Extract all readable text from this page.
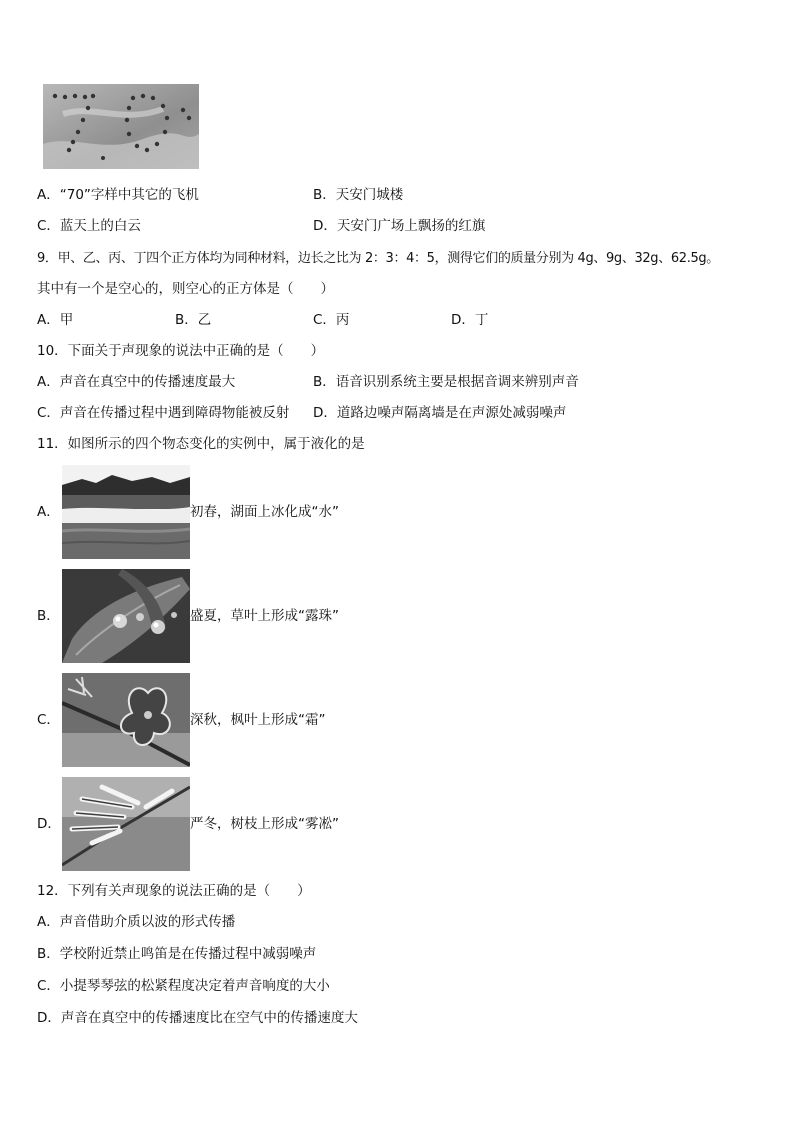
A．“70”字样中其它的飞机	B．天安门城楼
C．蓝天上的白云	D．天安门广场上飘扬的红旗
9．甲、乙、丙、丁四个正方体均为同种材料，边长之比为 2：3：4：5，测得它们的质量分别为 4g、9g、32g、62.5g。
其中有一个是空心的，则空心的正方体是（　　）
A．甲	B．乙	C．丙	D．丁
10．下面关于声现象的说法中正确的是（　　）
A．声音在真空中的传播速度最大	B．语音识别系统主要是根据音调来辨别声音
C．声音在传播过程中遇到障碍物能被反射 D．道路边噪声隔离墙是在声源处减弱噪声
11．如图所示的四个物态变化的实例中，属于液化的是
A．	初春，湖面上冰化成“水”
B．	盛夏，草叶上形成“露珠”
C．	深秋，枫叶上形成“霜”
D．	严冬，树枝上形成“雾凇”
12．下列有关声现象的说法正确的是（　　）
A．声音借助介质以波的形式传播
B．学校附近禁止鸣笛是在传播过程中减弱噪声
C．小提琴琴弦的松紧程度决定着声音响度的大小
D．声音在真空中的传播速度比在空气中的传播速度大
